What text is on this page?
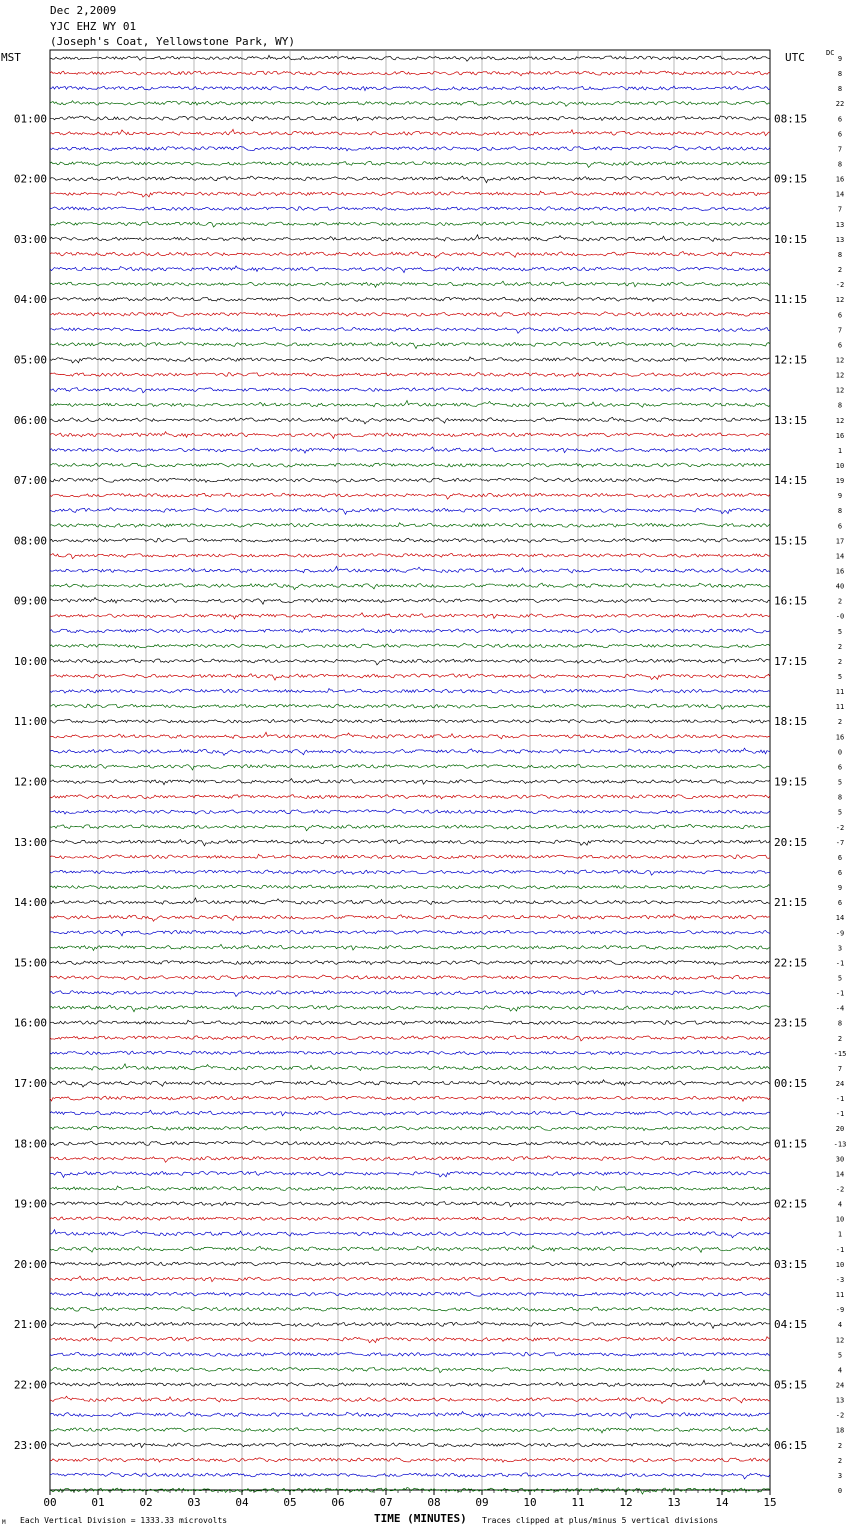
Dec 2,2009
YJC EHZ WY 01
(Joseph's Coat, Yellowstone Park, WY)
MST	UTC	DC
9
8
8
22
6
6
7
8
16
14
7
13
13
8
2
-2
12
6
7
6
12
12
12
8
12
16
1
10
19
9
8
6
17
14
16
40
2
-0
5
2
2
5
11
11
2
16
0
6
5
8
5
-2
-7
6
6
9
6
14
-9
3
-1
5
-1
-4
8
2
-15
7
24
-1
-1
20
-13
30
14
-2
4
10
1
-1
10
-3
11
-9
4
12
5
4
24
13
-2
18
2
2
3
0
01:00	08:15
02:00	09:15
03:00	10:15
04:00	11:15
05:00	12:15
06:00	13:15
07:00	14:15
08:00	15:15
09:00	16:15
10:00	17:15
11:00	18:15
12:00	19:15
13:00	20:15
14:00	21:15
15:00	22:15
16:00	23:15
17:00	00:15
18:00	01:15
19:00	02:15
20:00	03:15
21:00	04:15
22:00	05:15
23:00	06:15
00	01	02	03	04	05	06	07	08	09	10	11	12	13	14	15
TIME (MINUTES)
Each Vertical Division = 1333.33 microvolts	Traces clipped at plus/minus 5 vertical divisions
M
